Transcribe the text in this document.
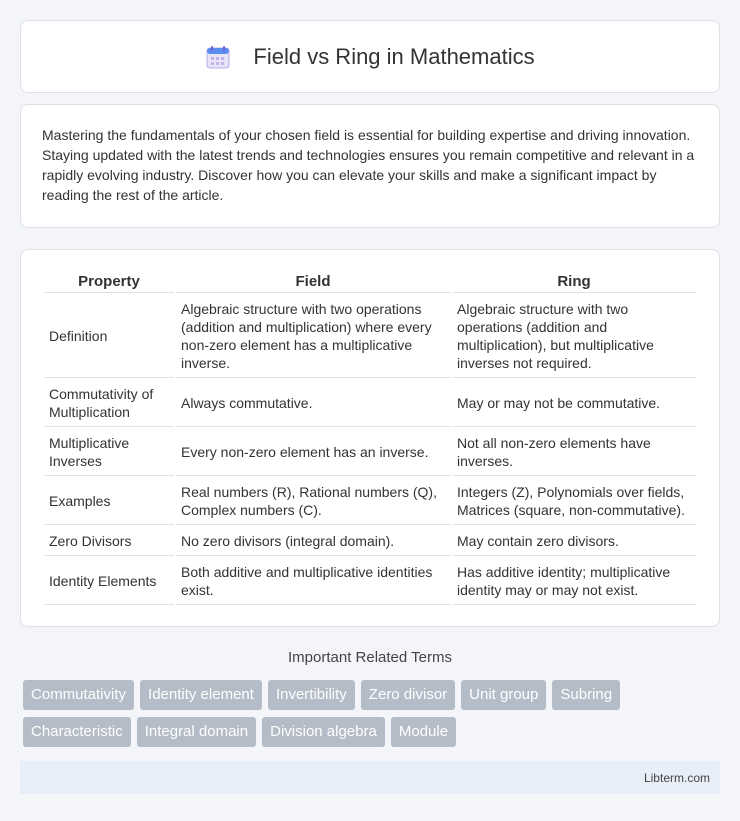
Field vs Ring in Mathematics

Mastering the fundamentals of your chosen field is essential for building expertise and driving innovation. Staying updated with the latest trends and technologies ensures you remain competitive and relevant in a rapidly evolving industry. Discover how you can elevate your skills and make a significant impact by reading the rest of the article.

Property	Field	Ring
Definition	Algebraic structure with two operations (addition and multiplication) where every non-zero element has a multiplicative inverse.	Algebraic structure with two operations (addition and multiplication), but multiplicative inverses not required.
Commutativity of Multiplication	Always commutative.	May or may not be commutative.
Multiplicative Inverses	Every non-zero element has an inverse.	Not all non-zero elements have inverses.
Examples	Real numbers (R), Rational numbers (Q), Complex numbers (C).	Integers (Z), Polynomials over fields, Matrices (square, non-commutative).
Zero Divisors	No zero divisors (integral domain).	May contain zero divisors.
Identity Elements	Both additive and multiplicative identities exist.	Has additive identity; multiplicative identity may or may not exist.
Important Related Terms
Commutativity	Identity element	Invertibility	Zero divisor	Unit group	Subring
Characteristic	Integral domain	Division algebra	Module
Libterm.com
